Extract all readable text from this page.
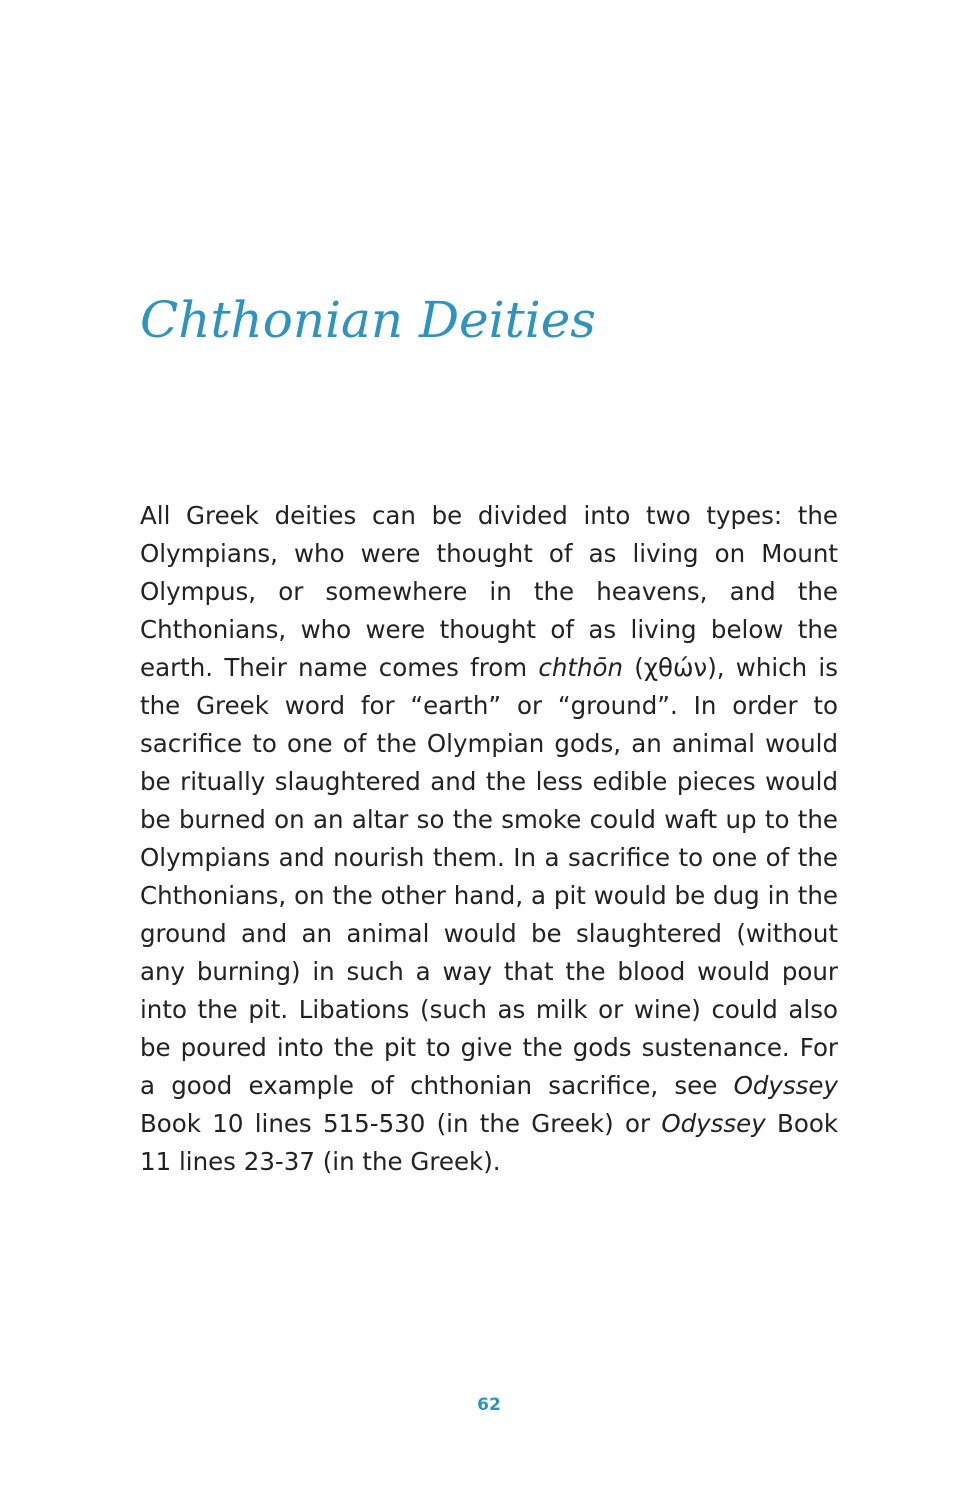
Chthonian Deities

All Greek deities can be divided into two types: the Olympians, who were thought of as living on Mount Olympus, or somewhere in the heavens, and the Chthonians, who were thought of as living below the earth. Their name comes from chthōn (χθών), which is the Greek word for “earth” or “ground”. In order to sacrifice to one of the Olympian gods, an animal would be ritually slaughtered and the less edible pieces would be burned on an altar so the smoke could waft up to the Olympians and nourish them. In a sacrifice to one of the Chthonians, on the other hand, a pit would be dug in the ground and an animal would be slaughtered (without any burning) in such a way that the blood would pour into the pit. Libations (such as milk or wine) could also be poured into the pit to give the gods sustenance. For a good example of chthonian sacrifice, see Odyssey Book 10 lines 515-530 (in the Greek) or Odyssey Book 11 lines 23-37 (in the Greek).

62
